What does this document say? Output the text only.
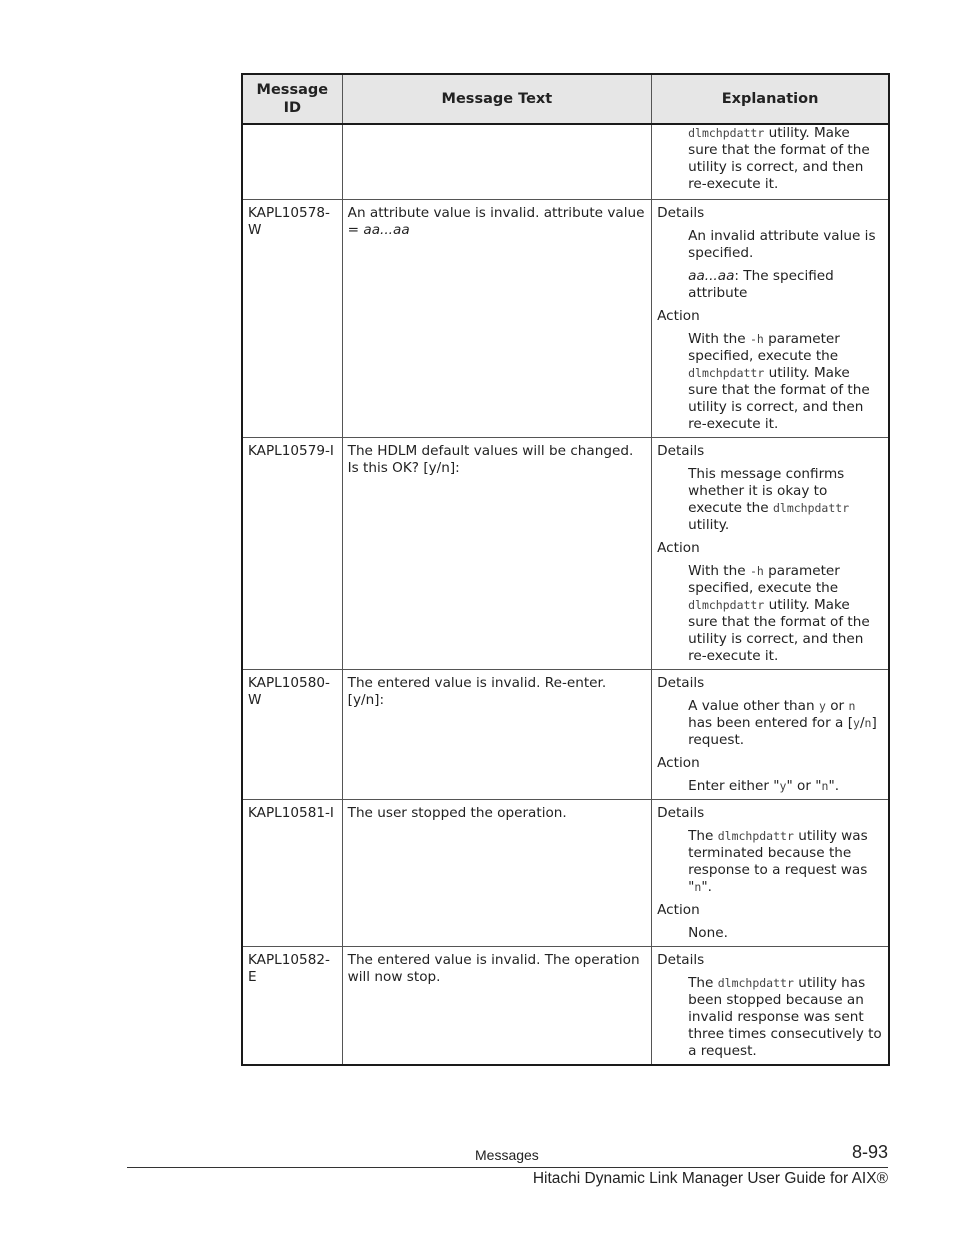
Message ID	Message Text	Explanation

		dlmchpdattr utility. Make sure that the format of the utility is correct, and then re-execute it.

KAPL10578-W	An attribute value is invalid. attribute value = aa...aa	Details
An invalid attribute value is specified.
aa...aa: The specified attribute
Action
With the -h parameter specified, execute the dlmchpdattr utility. Make sure that the format of the utility is correct, and then re-execute it.

KAPL10579-I	The HDLM default values will be changed. Is this OK? [y/n]:	Details
This message confirms whether it is okay to execute the dlmchpdattr utility.
Action
With the -h parameter specified, execute the dlmchpdattr utility. Make sure that the format of the utility is correct, and then re-execute it.

KAPL10580-W	The entered value is invalid. Re-enter. [y/n]:	Details
A value other than y or n has been entered for a [y/n] request.
Action
Enter either "y" or "n".

KAPL10581-I	The user stopped the operation.	Details
The dlmchpdattr utility was terminated because the response to a request was "n".
Action
None.

KAPL10582-E	The entered value is invalid. The operation will now stop.	Details
The dlmchpdattr utility has been stopped because an invalid response was sent three times consecutively to a request.
Messages	8-93
Hitachi Dynamic Link Manager User Guide for AIX®
